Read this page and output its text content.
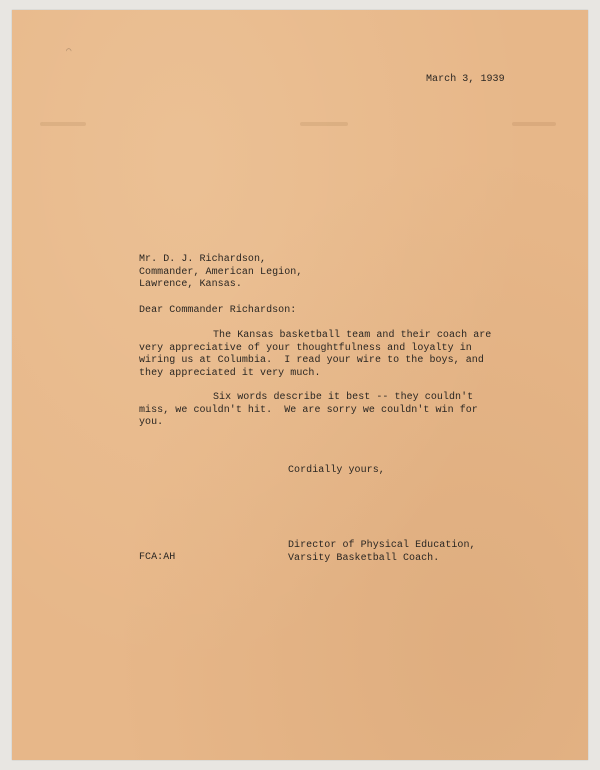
⌒
March 3, 1939
Mr. D. J. Richardson,
Commander, American Legion,
Lawrence, Kansas.
Dear Commander Richardson:
The Kansas basketball team and their coach are
very appreciative of your thoughtfulness and loyalty in
wiring us at Columbia.  I read your wire to the boys, and
they appreciated it very much.
Six words describe it best -- they couldn't
miss, we couldn't hit.  We are sorry we couldn't win for
you.
Cordially yours,
Director of Physical Education,
Varsity Basketball Coach.
FCA:AH
